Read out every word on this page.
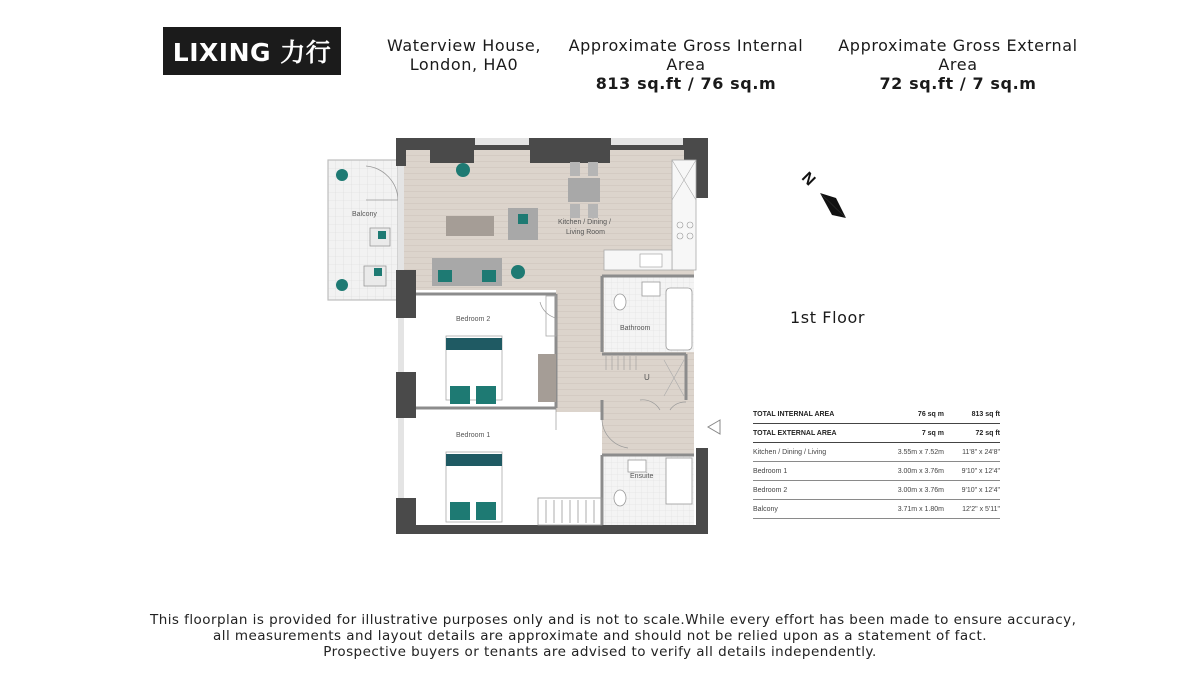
LIXING 力行	Waterview House,
London, HA0
Approximate Gross Internal Area
813 sq.ft / 76 sq.m
Approximate Gross External Area
72 sq.ft / 7 sq.m
Balcony
Kitchen / Dining /
Living Room
Bedroom 2
Bedroom 1
Bathroom
Ensuite
U
N
1st Floor
TOTAL INTERNAL AREA	76 sq m	813 sq ft
TOTAL EXTERNAL AREA	7 sq m	72 sq ft
Kitchen / Dining / Living	3.55m x 7.52m	11'8" x 24'8"
Bedroom 1	3.00m x 3.76m	9'10" x 12'4"
Bedroom 2	3.00m x 3.76m	9'10" x 12'4"
Balcony	3.71m x 1.80m	12'2" x 5'11"
This floorplan is provided for illustrative purposes only and is not to scale.While every effort has been made to ensure accuracy,
all measurements and layout details are approximate and should not be relied upon as a statement of fact.
Prospective buyers or tenants are advised to verify all details independently.
